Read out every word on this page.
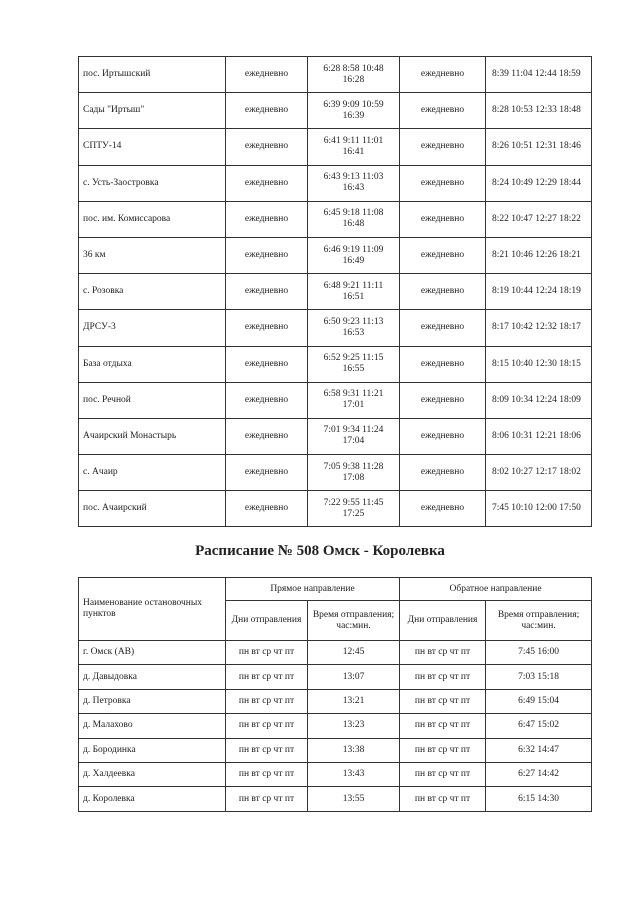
пос. Иртышский	ежедневно	6:28 8:58 10:48 16:28	ежедневно	8:39 11:04 12:44 18:59
Сады "Иртыш"	ежедневно	6:39 9:09 10:59 16:39	ежедневно	8:28 10:53 12:33 18:48
СПТУ-14	ежедневно	6:41 9:11 11:01 16:41	ежедневно	8:26 10:51 12:31 18:46
с. Усть-Заостровка	ежедневно	6:43 9:13 11:03 16:43	ежедневно	8:24 10:49 12:29 18:44
пос. им. Комиссарова	ежедневно	6:45 9:18 11:08 16:48	ежедневно	8:22 10:47 12:27 18:22
36 км	ежедневно	6:46 9:19 11:09 16:49	ежедневно	8:21 10:46 12:26 18:21
с. Розовка	ежедневно	6:48 9:21 11:11 16:51	ежедневно	8:19 10:44 12:24 18:19
ДРСУ-3	ежедневно	6:50 9:23 11:13 16:53	ежедневно	8:17 10:42 12:32 18:17
База отдыха	ежедневно	6:52 9:25 11:15 16:55	ежедневно	8:15 10:40 12:30 18:15
пос. Речной	ежедневно	6:58 9:31 11:21 17:01	ежедневно	8:09 10:34 12:24 18:09
Ачаирский Монастырь	ежедневно	7:01 9:34 11:24 17:04	ежедневно	8:06 10:31 12:21 18:06
с. Ачаир	ежедневно	7:05 9:38 11:28 17:08	ежедневно	8:02 10:27 12:17 18:02
пос. Ачаирский	ежедневно	7:22 9:55 11:45 17:25	ежедневно	7:45 10:10 12:00 17:50
Расписание № 508 Омск - Королевка
Наименование остановочных пунктов	Прямое направление		Обратное направление	
	Дни отправления	Время отправления; час:мин.	Дни отправления	Время отправления; час:мин.
г. Омск (АВ)	пн вт ср чт пт	12:45	пн вт ср чт пт	7:45 16:00
д. Давыдовка	пн вт ср чт пт	13:07	пн вт ср чт пт	7:03 15:18
д. Петровка	пн вт ср чт пт	13:21	пн вт ср чт пт	6:49 15:04
д. Малахово	пн вт ср чт пт	13:23	пн вт ср чт пт	6:47 15:02
д. Бородинка	пн вт ср чт пт	13:38	пн вт ср чт пт	6:32 14:47
д. Халдеевка	пн вт ср чт пт	13:43	пн вт ср чт пт	6:27 14:42
д. Королевка	пн вт ср чт пт	13:55	пн вт ср чт пт	6:15 14:30
